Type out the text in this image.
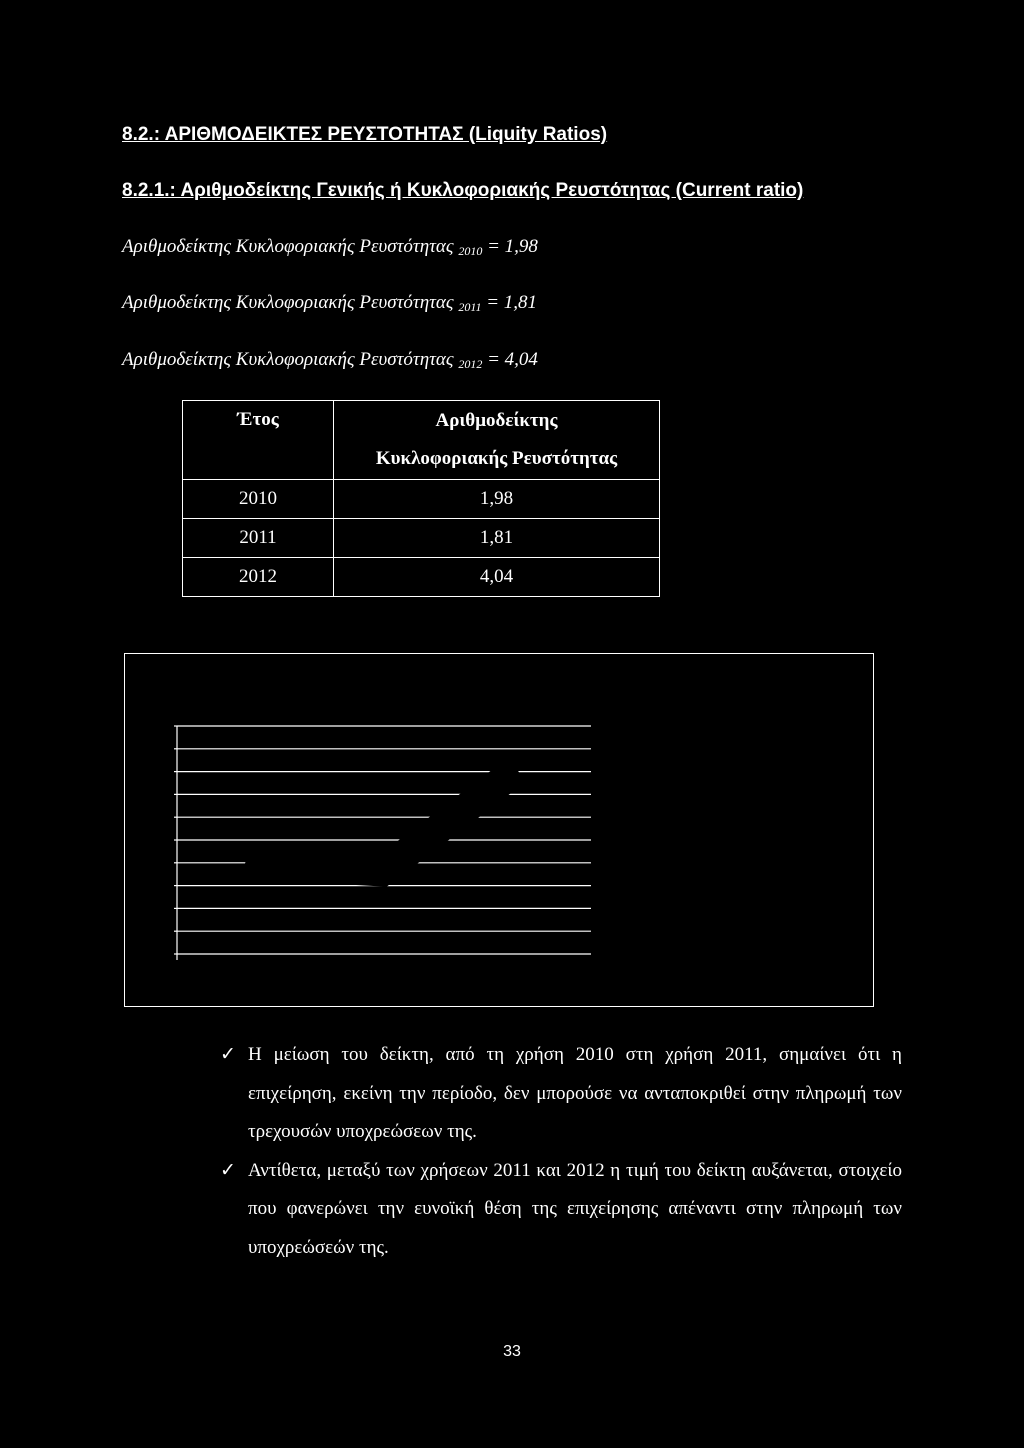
8.2.: ΑΡΙΘΜΟΔΕΙΚΤΕΣ ΡΕΥΣΤΟΤΗΤΑΣ (Liquity Ratios)
8.2.1.: Αριθμοδείκτης Γενικής ή Κυκλοφοριακής Ρευστότητας (Current ratio)
Αριθμοδείκτης Κυκλοφοριακής Ρευστότητας $_{2010}$ = 1,98
Αριθμοδείκτης Κυκλοφοριακής Ρευστότητας $_{2011}$ = 1,81
Αριθμοδείκτης Κυκλοφοριακής Ρευστότητας $_{2012}$ = 4,04
Έτος	Αριθμοδείκτης
Κυκλοφοριακής Ρευστότητας
2010	1,98
2011	1,81
2012	4,04
✓ Η μείωση του δείκτη, από τη χρήση 2010 στη χρήση 2011, σημαίνει ότι η επιχείρηση, εκείνη την περίοδο, δεν μπορούσε να ανταποκριθεί στην πληρωμή των τρεχουσών υποχρεώσεων της.
✓ Αντίθετα, μεταξύ των χρήσεων 2011 και 2012 η τιμή του δείκτη αυξάνεται, στοιχείο που φανερώνει την ευνοϊκή θέση της επιχείρησης απέναντι στην πληρωμή των υποχρεώσεών της.
33
